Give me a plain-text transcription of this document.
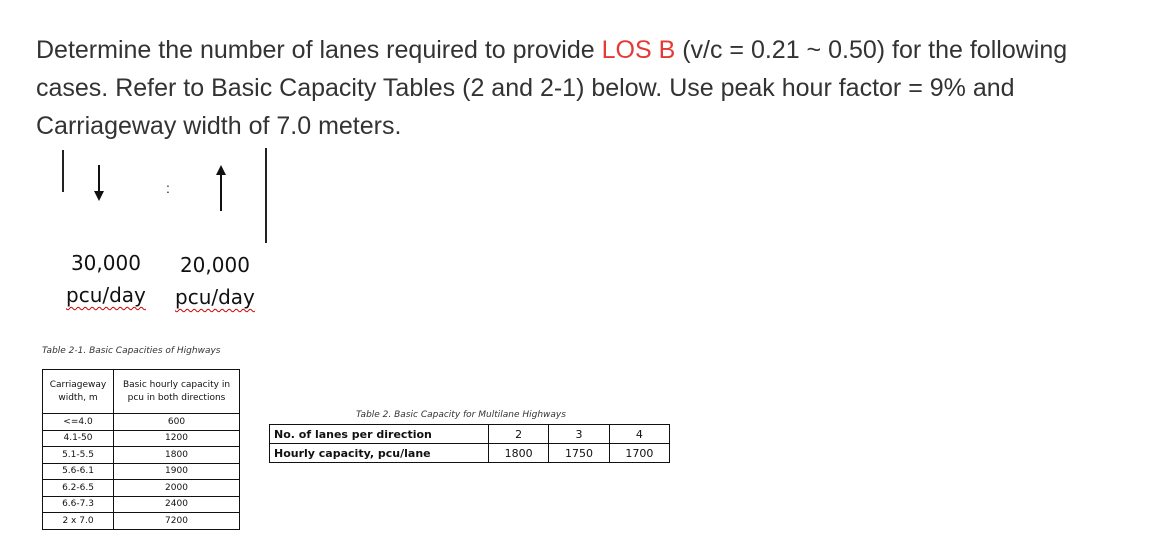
Determine the number of lanes required to provide LOS B (v/c = 0.21 ~ 0.50) for the following cases. Refer to Basic Capacity Tables (2 and 2-1) below. Use peak hour factor = 9% and Carriageway width of 7.0 meters.

:
30,000
pcu/day
20,000
pcu/day
Table 2-1. Basic Capacities of Highways
Carriageway width, m	Basic hourly capacity in pcu in both directions
<=4.0	600
4.1-50	1200
5.1-5.5	1800
5.6-6.1	1900
6.2-6.5	2000
6.6-7.3	2400
2 x 7.0	7200
Table 2. Basic Capacity for Multilane Highways
No. of lanes per direction	2	3	4
Hourly capacity, pcu/lane	1800	1750	1700
